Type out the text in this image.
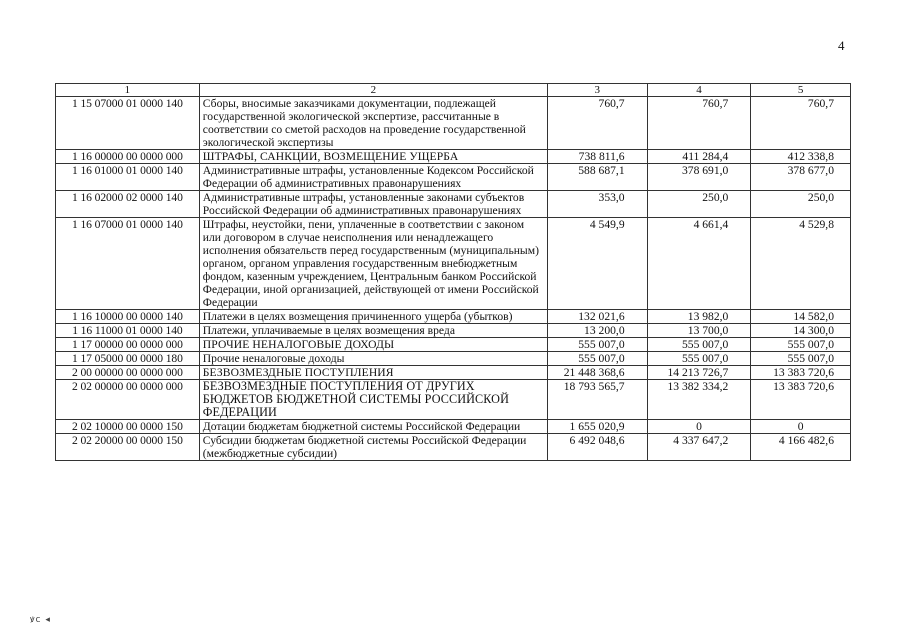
4
1	2	3	4	5
1 15 07000 01 0000 140	Сборы, вносимые заказчиками документации, подлежащей государственной экологической экспертизе, рассчитанные в соответствии со сметой расходов на проведение государственной экологической экспертизы	760,7	760,7	760,7
1 16 00000 00 0000 000	ШТРАФЫ, САНКЦИИ, ВОЗМЕЩЕНИЕ УЩЕРБА	738 811,6	411 284,4	412 338,8
1 16 01000 01 0000 140	Административные штрафы, установленные Кодексом Российской Федерации об административных правонарушениях	588 687,1	378 691,0	378 677,0
1 16 02000 02 0000 140	Административные штрафы, установленные законами субъектов Российской Федерации об административных правонарушениях	353,0	250,0	250,0
1 16 07000 01 0000 140	Штрафы, неустойки, пени, уплаченные в соответствии с законом или договором в случае неисполнения или ненадлежащего исполнения обязательств перед государственным (муниципальным) органом, органом управления государственным внебюджетным фондом, казенным учреждением, Центральным банком Российской Федерации, иной организацией, действующей от имени Российской Федерации	4 549,9	4 661,4	4 529,8
1 16 10000 00 0000 140	Платежи в целях возмещения причиненного ущерба (убытков)	132 021,6	13 982,0	14 582,0
1 16 11000 01 0000 140	Платежи, уплачиваемые в целях возмещения вреда	13 200,0	13 700,0	14 300,0
1 17 00000 00 0000 000	ПРОЧИЕ НЕНАЛОГОВЫЕ ДОХОДЫ	555 007,0	555 007,0	555 007,0
1 17 05000 00 0000 180	Прочие неналоговые доходы	555 007,0	555 007,0	555 007,0
2 00 00000 00 0000 000	БЕЗВОЗМЕЗДНЫЕ ПОСТУПЛЕНИЯ	21 448 368,6	14 213 726,7	13 383 720,6
2 02 00000 00 0000 000	БЕЗВОЗМЕЗДНЫЕ ПОСТУПЛЕНИЯ ОТ ДРУГИХ БЮДЖЕТОВ БЮДЖЕТНОЙ СИСТЕМЫ РОССИЙСКОЙ ФЕДЕРАЦИИ	18 793 565,7	13 382 334,2	13 383 720,6
2 02 10000 00 0000 150	Дотации бюджетам бюджетной системы Российской Федерации	1 655 020,9	0	0
2 02 20000 00 0000 150	Субсидии бюджетам бюджетной системы Российской Федерации (межбюджетные субсидии)	6 492 048,6	4 337 647,2	4 166 482,6
ꝟc ◂
